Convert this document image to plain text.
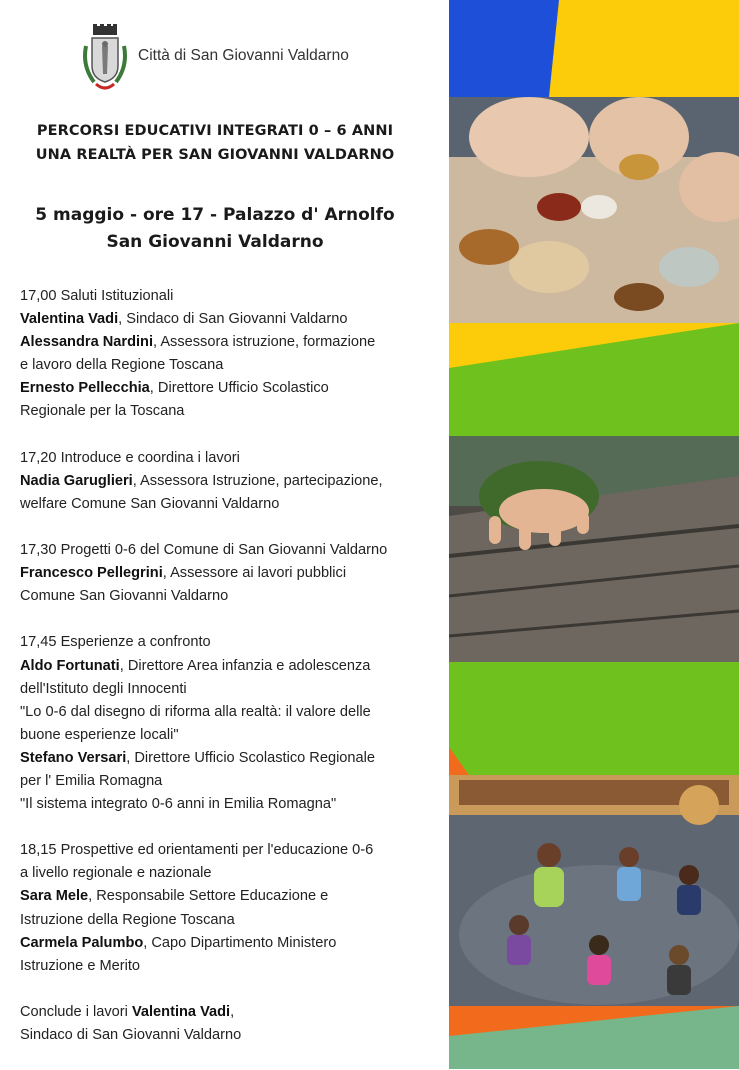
Città di San Giovanni Valdarno
PERCORSI EDUCATIVI INTEGRATI 0 – 6 ANNI
UNA REALTÀ PER SAN GIOVANNI VALDARNO
5 maggio - ore 17 - Palazzo d' Arnolfo
San Giovanni Valdarno
17,00 Saluti Istituzionali
Valentina Vadi, Sindaco di San Giovanni Valdarno
Alessandra Nardini, Assessora istruzione, formazione
e lavoro della Regione Toscana
Ernesto Pellecchia, Direttore Ufficio Scolastico
Regionale per la Toscana
17,20 Introduce e coordina i lavori
Nadia Garuglieri, Assessora Istruzione, partecipazione,
welfare Comune San Giovanni Valdarno
17,30 Progetti 0-6 del Comune di San Giovanni Valdarno
Francesco Pellegrini, Assessore ai lavori pubblici
Comune San Giovanni Valdarno
17,45 Esperienze a confronto
Aldo Fortunati, Direttore Area infanzia e adolescenza
dell'Istituto degli Innocenti
"Lo 0-6 dal disegno di riforma alla realtà: il valore delle
buone esperienze locali"
Stefano Versari, Direttore Ufficio Scolastico Regionale
per l' Emilia Romagna
"Il sistema integrato 0-6 anni in Emilia Romagna"
18,15 Prospettive ed orientamenti per l'educazione 0-6
a livello regionale e nazionale
Sara Mele, Responsabile Settore Educazione e
Istruzione della Regione Toscana
Carmela Palumbo, Capo Dipartimento Ministero
Istruzione e Merito
Conclude i lavori Valentina Vadi,
Sindaco di San Giovanni Valdarno
